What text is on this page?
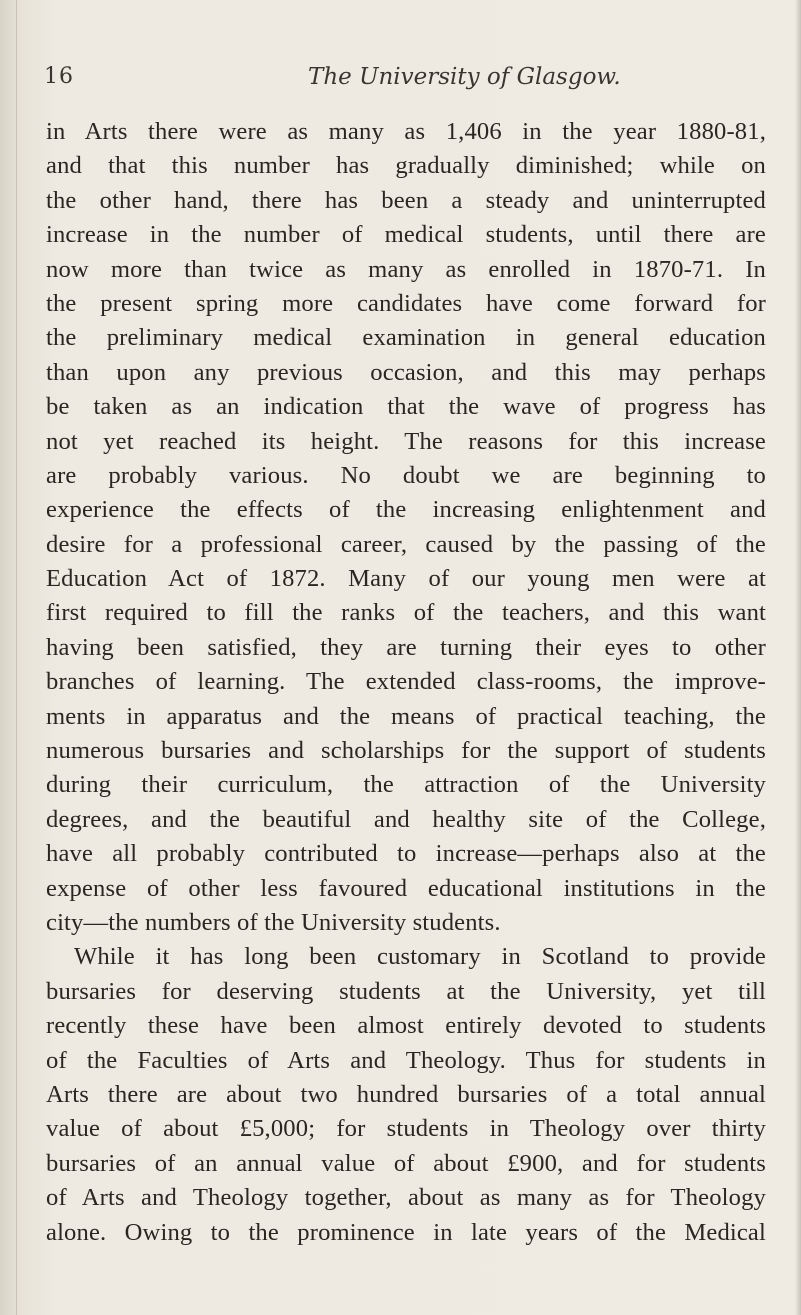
16	The University of Glasgow.
in Arts there were as many as 1,406 in the year 1880-81,
and that this number has gradually diminished; while on
the other hand, there has been a steady and uninterrupted
increase in the number of medical students, until there are
now more than twice as many as enrolled in 1870-71. In
the present spring more candidates have come forward for
the preliminary medical examination in general education
than upon any previous occasion, and this may perhaps
be taken as an indication that the wave of progress has
not yet reached its height. The reasons for this increase
are probably various. No doubt we are beginning to
experience the effects of the increasing enlightenment and
desire for a professional career, caused by the passing of the
Education Act of 1872. Many of our young men were at
first required to fill the ranks of the teachers, and this want
having been satisfied, they are turning their eyes to other
branches of learning. The extended class-rooms, the improve-
ments in apparatus and the means of practical teaching, the
numerous bursaries and scholarships for the support of students
during their curriculum, the attraction of the University
degrees, and the beautiful and healthy site of the College,
have all probably contributed to increase—perhaps also at the
expense of other less favoured educational institutions in the
city—the numbers of the University students.
While it has long been customary in Scotland to provide
bursaries for deserving students at the University, yet till
recently these have been almost entirely devoted to students
of the Faculties of Arts and Theology. Thus for students in
Arts there are about two hundred bursaries of a total annual
value of about £5,000; for students in Theology over thirty
bursaries of an annual value of about £900, and for students
of Arts and Theology together, about as many as for Theology
alone. Owing to the prominence in late years of the Medical
